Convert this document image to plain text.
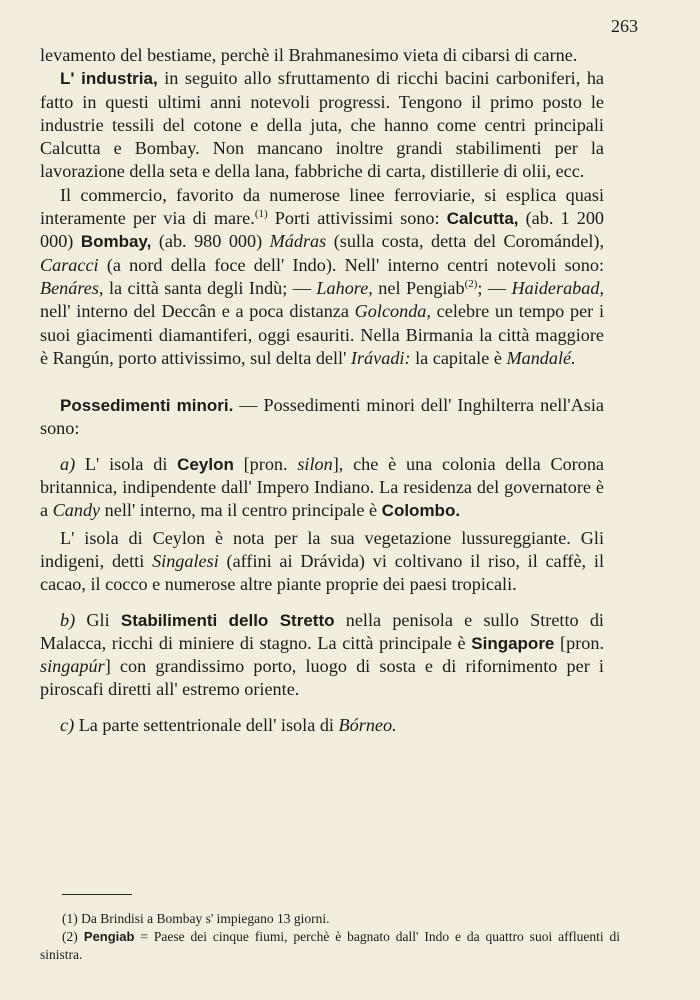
263

levamento del bestiame, perchè il Brahmanesimo vieta di cibarsi di carne.

L' industria, in seguito allo sfruttamento di ricchi bacini carboniferi, ha fatto in questi ultimi anni notevoli progressi. Tengono il primo posto le industrie tessili del cotone e della juta, che hanno come centri principali Calcutta e Bombay. Non mancano inoltre grandi stabilimenti per la lavorazione della seta e della lana, fabbriche di carta, distillerie di olii, ecc.

Il commercio, favorito da numerose linee ferroviarie, si esplica quasi interamente per via di mare.$^{(1)}$ Porti attivissimi sono: Calcutta, (ab. 1 200 000) Bombay, (ab. 980 000) Mádras (sulla costa, detta del Coromándel), Caracci (a nord della foce dell' Indo). Nell' interno centri notevoli sono: Benáres, la città santa degli Indù; — Lahore, nel Pengiab$^{(2)}$; — Haiderabad, nell' interno del Deccân e a poca distanza Golconda, celebre un tempo per i suoi giacimenti diamantiferi, oggi esauriti. Nella Birmania la città maggiore è Rangún, porto attivissimo, sul delta dell' Irávadi: la capitale è Mandalé.

Possedimenti minori. — Possedimenti minori dell' Inghilterra nell'Asia sono:

a) L' isola di Ceylon [pron. silon], che è una colonia della Corona britannica, indipendente dall' Impero Indiano. La residenza del governatore è a Candy nell' interno, ma il centro principale è Colombo.

L' isola di Ceylon è nota per la sua vegetazione lussureggiante. Gli indigeni, detti Singalesi (affini ai Drávida) vi coltivano il riso, il caffè, il cacao, il cocco e numerose altre piante proprie dei paesi tropicali.

b) Gli Stabilimenti dello Stretto nella penisola e sullo Stretto di Malacca, ricchi di miniere di stagno. La città principale è Singapore [pron. singapúr] con grandissimo porto, luogo di sosta e di rifornimento per i piroscafi diretti all' estremo oriente.

c) La parte settentrionale dell' isola di Bórneo.

(1) Da Brindisi a Bombay s' impiegano 13 giorni.

(2) Pengiab = Paese dei cinque fiumi, perchè è bagnato dall' Indo e da quattro suoi affluenti di sinistra.
